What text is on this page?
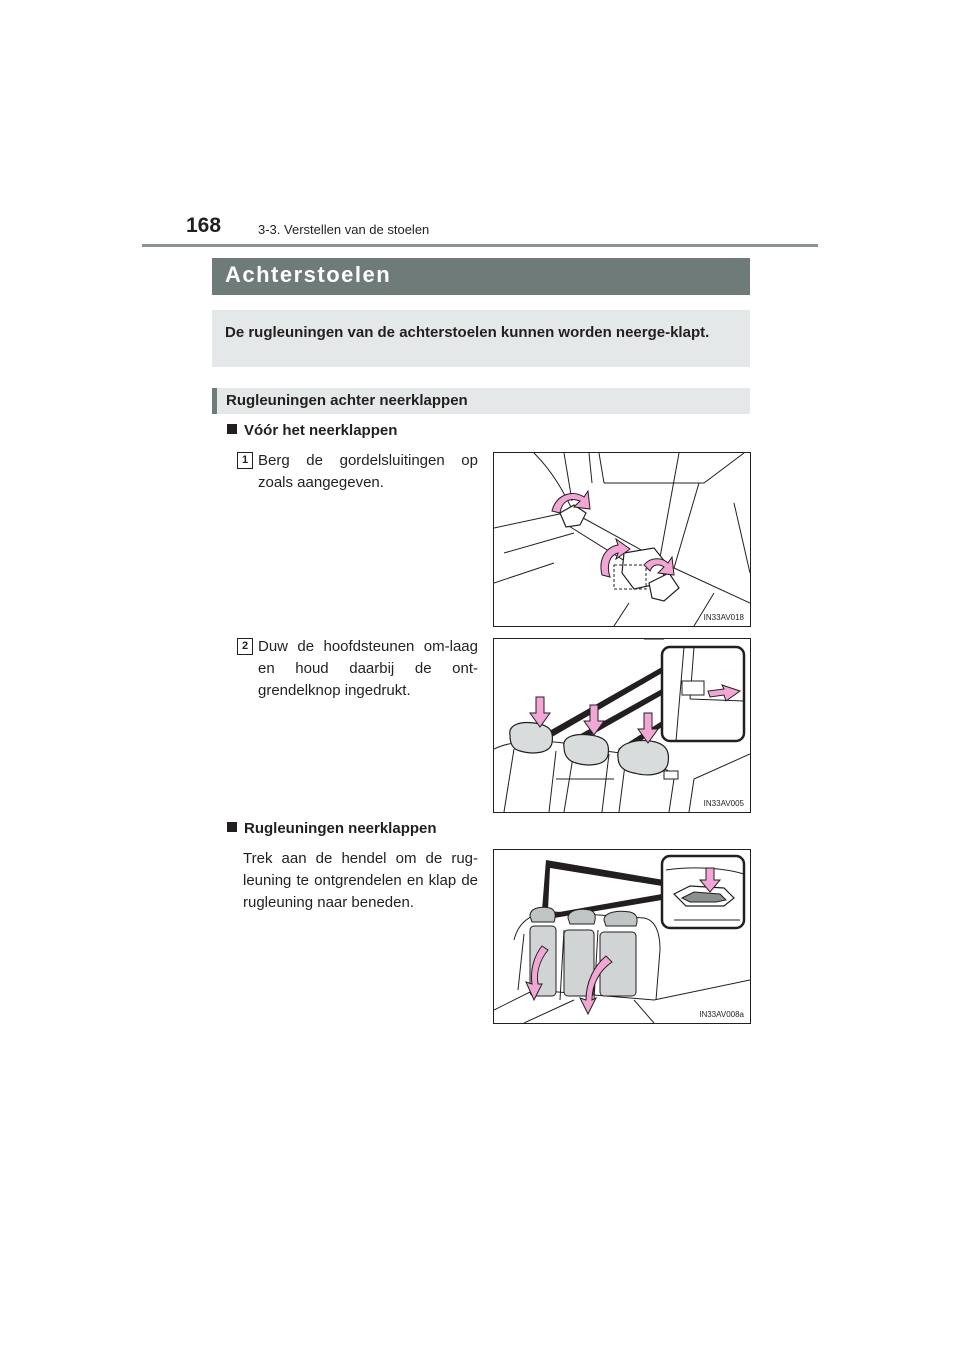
168	3-3. Verstellen van de stoelen
Achterstoelen
De rugleuningen van de achterstoelen kunnen worden neerge-klapt.
Rugleuningen achter neerklappen
Vóór het neerklappen
1 Berg de gordelsluitingen op zoals aangegeven.
IN33AV018
2 Duw de hoofdsteunen om-laag en houd daarbij de ont-grendelknop ingedrukt.
IN33AV005
Rugleuningen neerklappen
Trek aan de hendel om de rug-leuning te ontgrendelen en klap de rugleuning naar beneden.
IN33AV008a
